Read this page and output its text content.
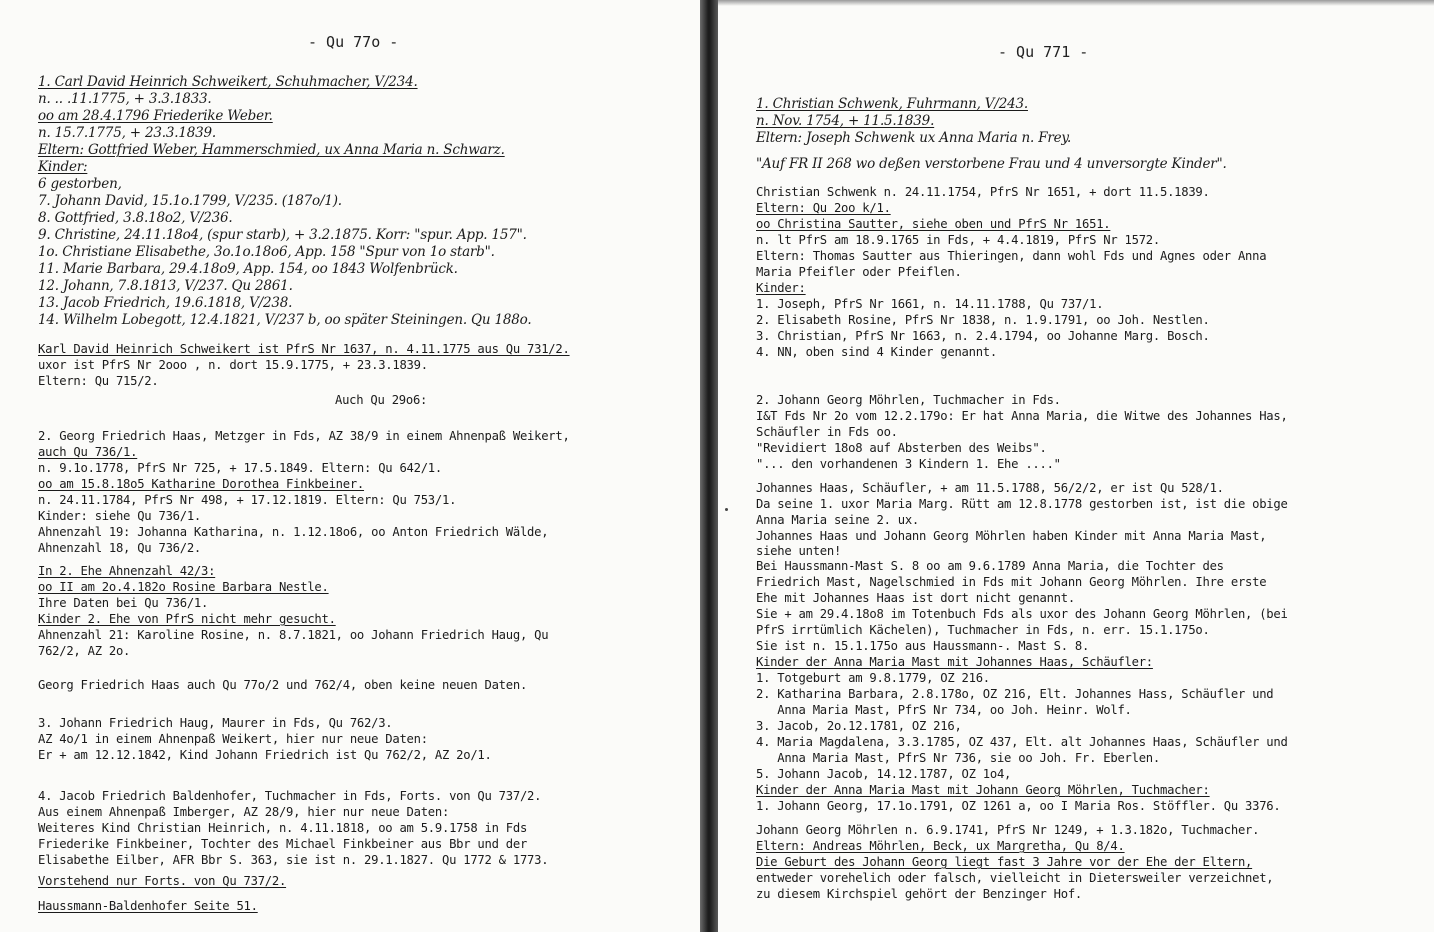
- Qu 77o -
1. Carl David Heinrich Schweikert, Schuhmacher, V/234.
n. .. .11.1775, + 3.3.1833.
oo am 28.4.1796 Friederike Weber.
n. 15.7.1775, + 23.3.1839.
Eltern: Gottfried Weber, Hammerschmied, ux Anna Maria n. Schwarz.
Kinder:
6 gestorben,
7. Johann David, 15.1o.1799, V/235. (187o/1).
8. Gottfried, 3.8.18o2, V/236.
9. Christine, 24.11.18o4, (spur starb), + 3.2.1875. Korr: "spur. App. 157".
1o. Christiane Elisabethe, 3o.1o.18o6, App. 158 "Spur von 1o starb".
11. Marie Barbara, 29.4.18o9, App. 154, oo 1843 Wolfenbrück.
12. Johann, 7.8.1813, V/237. Qu 2861.
13. Jacob Friedrich, 19.6.1818, V/238.
14. Wilhelm Lobegott, 12.4.1821, V/237 b, oo später Steiningen. Qu 188o.
Karl David Heinrich Schweikert ist PfrS Nr 1637, n. 4.11.1775 aus Qu 731/2.
uxor ist PfrS Nr 2ooo , n. dort 15.9.1775, + 23.3.1839.
Eltern: Qu 715/2.
Auch Qu 29o6:
2. Georg Friedrich Haas, Metzger in Fds, AZ 38/9 in einem Ahnenpaß Weikert,
auch Qu 736/1.
n. 9.1o.1778, PfrS Nr 725, + 17.5.1849. Eltern: Qu 642/1.
oo am 15.8.18o5 Katharine Dorothea Finkbeiner.
n. 24.11.1784, PfrS Nr 498, + 17.12.1819. Eltern: Qu 753/1.
Kinder: siehe Qu 736/1.
Ahnenzahl 19: Johanna Katharina, n. 1.12.18o6, oo Anton Friedrich Wälde,
Ahnenzahl 18, Qu 736/2.
In 2. Ehe Ahnenzahl 42/3:
oo II am 2o.4.182o Rosine Barbara Nestle.
Ihre Daten bei Qu 736/1.
Kinder 2. Ehe von PfrS nicht mehr gesucht.
Ahnenzahl 21: Karoline Rosine, n. 8.7.1821, oo Johann Friedrich Haug, Qu
762/2, AZ 2o.
Georg Friedrich Haas auch Qu 77o/2 und 762/4, oben keine neuen Daten.
3. Johann Friedrich Haug, Maurer in Fds, Qu 762/3.
AZ 4o/1 in einem Ahnenpaß Weikert, hier nur neue Daten:
Er + am 12.12.1842, Kind Johann Friedrich ist Qu 762/2, AZ 2o/1.
4. Jacob Friedrich Baldenhofer, Tuchmacher in Fds, Forts. von Qu 737/2.
Aus einem Ahnenpaß Imberger, AZ 28/9, hier nur neue Daten:
Weiteres Kind Christian Heinrich, n. 4.11.1818, oo am 5.9.1758 in Fds
Friederike Finkbeiner, Tochter des Michael Finkbeiner aus Bbr und der
Elisabethe Eilber, AFR Bbr S. 363, sie ist n. 29.1.1827. Qu 1772 & 1773.
Vorstehend nur Forts. von Qu 737/2.
Haussmann-Baldenhofer Seite 51.
- Qu 771 -
1. Christian Schwenk, Fuhrmann, V/243.
n. Nov. 1754, + 11.5.1839.
Eltern: Joseph Schwenk ux Anna Maria n. Frey.
"Auf FR II 268 wo deßen verstorbene Frau und 4 unversorgte Kinder".
Christian Schwenk n. 24.11.1754, PfrS Nr 1651, + dort 11.5.1839.
Eltern: Qu 2oo k/1.
oo Christina Sautter, siehe oben und PfrS Nr 1651.
n. lt PfrS am 18.9.1765 in Fds, + 4.4.1819, PfrS Nr 1572.
Eltern: Thomas Sautter aus Thieringen, dann wohl Fds und Agnes oder Anna
Maria Pfeifler oder Pfeiflen.
Kinder:
1. Joseph, PfrS Nr 1661, n. 14.11.1788, Qu 737/1.
2. Elisabeth Rosine, PfrS Nr 1838, n. 1.9.1791, oo Joh. Nestlen.
3. Christian, PfrS Nr 1663, n. 2.4.1794, oo Johanne Marg. Bosch.
4. NN, oben sind 4 Kinder genannt.
2. Johann Georg Möhrlen, Tuchmacher in Fds.
I&T Fds Nr 2o vom 12.2.179o: Er hat Anna Maria, die Witwe des Johannes Has,
Schäufler in Fds oo.
"Revidiert 18o8 auf Absterben des Weibs".
"... den vorhandenen 3 Kindern 1. Ehe ...."
Johannes Haas, Schäufler, + am 11.5.1788, 56/2/2, er ist Qu 528/1.
Da seine 1. uxor Maria Marg. Rütt am 12.8.1778 gestorben ist, ist die obige
Anna Maria seine 2. ux.
Johannes Haas und Johann Georg Möhrlen haben Kinder mit Anna Maria Mast,
siehe unten!
Bei Haussmann-Mast S. 8 oo am 9.6.1789 Anna Maria, die Tochter des
Friedrich Mast, Nagelschmied in Fds mit Johann Georg Möhrlen. Ihre erste
Ehe mit Johannes Haas ist dort nicht genannt.
Sie + am 29.4.18o8 im Totenbuch Fds als uxor des Johann Georg Möhrlen, (bei
PfrS irrtümlich Kächelen), Tuchmacher in Fds, n. err. 15.1.175o.
Sie ist n. 15.1.175o aus Haussmann-. Mast S. 8.
Kinder der Anna Maria Mast mit Johannes Haas, Schäufler:
1. Totgeburt am 9.8.1779, OZ 216.
2. Katharina Barbara, 2.8.178o, OZ 216, Elt. Johannes Hass, Schäufler und
Anna Maria Mast, PfrS Nr 734, oo Joh. Heinr. Wolf.
3. Jacob, 2o.12.1781, OZ 216,
4. Maria Magdalena, 3.3.1785, OZ 437, Elt. alt Johannes Haas, Schäufler und
Anna Maria Mast, PfrS Nr 736, sie oo Joh. Fr. Eberlen.
5. Johann Jacob, 14.12.1787, OZ 1o4,
Kinder der Anna Maria Mast mit Johann Georg Möhrlen, Tuchmacher:
1. Johann Georg, 17.1o.1791, OZ 1261 a, oo I Maria Ros. Stöffler. Qu 3376.
Johann Georg Möhrlen n. 6.9.1741, PfrS Nr 1249, + 1.3.182o, Tuchmacher.
Eltern: Andreas Möhrlen, Beck, ux Margretha, Qu 8/4.
Die Geburt des Johann Georg liegt fast 3 Jahre vor der Ehe der Eltern,
entweder vorehelich oder falsch, vielleicht in Dietersweiler verzeichnet,
zu diesem Kirchspiel gehört der Benzinger Hof.
